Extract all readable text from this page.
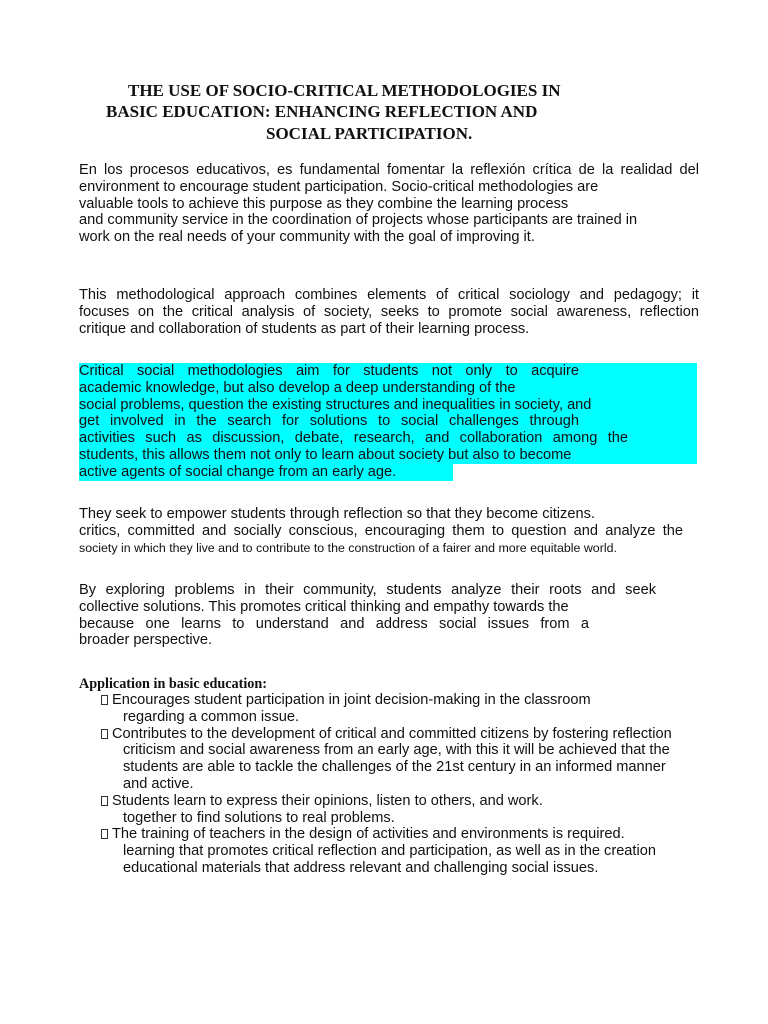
THE USE OF SOCIO-CRITICAL METHODOLOGIES IN
BASIC EDUCATION: ENHANCING REFLECTION AND
SOCIAL PARTICIPATION.

En los procesos educativos, es fundamental fomentar la reflexión crítica de la realidad del
environment to encourage student participation. Socio-critical methodologies are
valuable tools to achieve this purpose as they combine the learning process
and community service in the coordination of projects whose participants are trained in
work on the real needs of your community with the goal of improving it.

This methodological approach combines elements of critical sociology and pedagogy; it
focuses on the critical analysis of society, seeks to promote social awareness, reflection
critique and collaboration of students as part of their learning process.

Critical social methodologies aim for students not only to acquire
academic knowledge, but also develop a deep understanding of the
social problems, question the existing structures and inequalities in society, and
get involved in the search for solutions to social challenges through
activities such as discussion, debate, research, and collaboration among the
students, this allows them not only to learn about society but also to become
active agents of social change from an early age.

They seek to empower students through reflection so that they become citizens.
critics, committed and socially conscious, encouraging them to question and analyze the
society in which they live and to contribute to the construction of a fairer and more equitable world.

By exploring problems in their community, students analyze their roots and seek
collective solutions. This promotes critical thinking and empathy towards the
because one learns to understand and address social issues from a
broader perspective.

Application in basic education:
Encourages student participation in joint decision-making in the classroom
regarding a common issue.
Contributes to the development of critical and committed citizens by fostering reflection
criticism and social awareness from an early age, with this it will be achieved that the
students are able to tackle the challenges of the 21st century in an informed manner
and active.
Students learn to express their opinions, listen to others, and work.
together to find solutions to real problems.
The training of teachers in the design of activities and environments is required.
learning that promotes critical reflection and participation, as well as in the creation
educational materials that address relevant and challenging social issues.
